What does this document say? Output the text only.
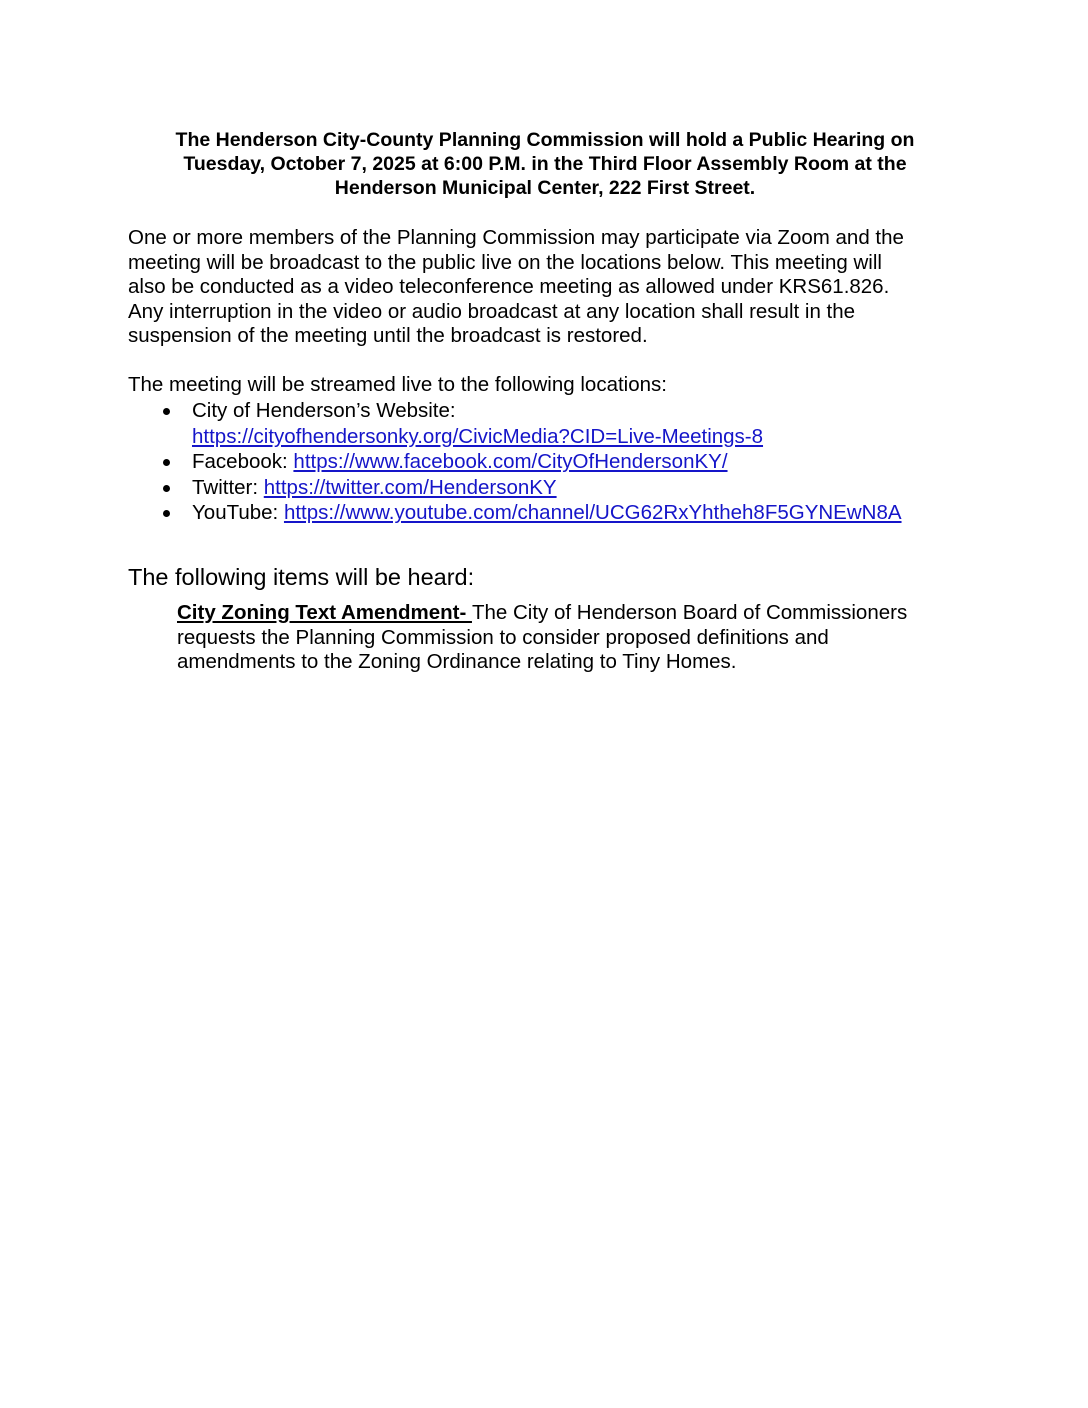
The Henderson City-County Planning Commission will hold a Public Hearing on
Tuesday, October 7, 2025 at 6:00 P.M. in the Third Floor Assembly Room at the
Henderson Municipal Center, 222 First Street.
One or more members of the Planning Commission may participate via Zoom and the
meeting will be broadcast to the public live on the locations below. This meeting will
also be conducted as a video teleconference meeting as allowed under KRS61.826.
Any interruption in the video or audio broadcast at any location shall result in the
suspension of the meeting until the broadcast is restored.
The meeting will be streamed live to the following locations:
City of Henderson’s Website:
https://cityofhendersonky.org/CivicMedia?CID=Live-Meetings-8
Facebook: https://www.facebook.com/CityOfHendersonKY/
Twitter: https://twitter.com/HendersonKY
YouTube: https://www.youtube.com/channel/UCG62RxYhtheh8F5GYNEwN8A
The following items will be heard:
City Zoning Text Amendment- The City of Henderson Board of Commissioners
requests the Planning Commission to consider proposed definitions and
amendments to the Zoning Ordinance relating to Tiny Homes.
